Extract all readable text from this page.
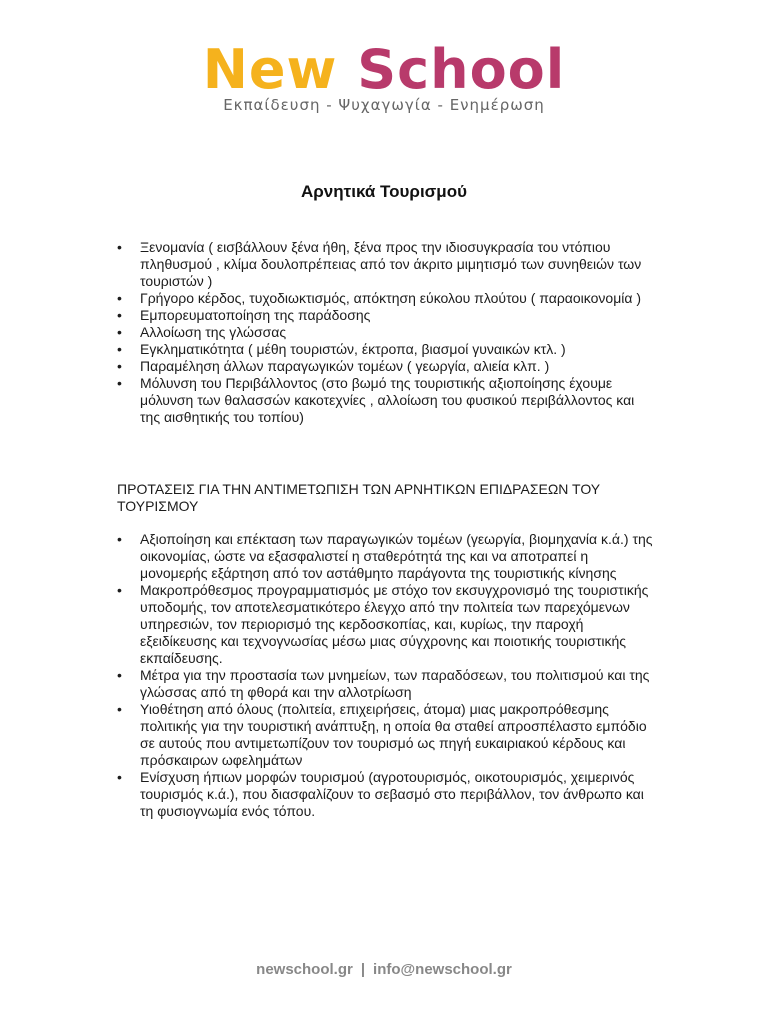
New School
Εκπαίδευση - Ψυχαγωγία - Ενημέρωση
Αρνητικά Τουρισμού
• Ξενομανία ( εισβάλλουν ξένα ήθη, ξένα προς την ιδιοσυγκρασία του ντόπιου πληθυσμού , κλίμα δουλοπρέπειας από τον άκριτο μιμητισμό των συνηθειών των τουριστών )
• Γρήγορο κέρδος, τυχοδιωκτισμός, απόκτηση εύκολου πλούτου ( παραοικονομία )
• Εμπορευματοποίηση της παράδοσης
• Αλλοίωση της γλώσσας
• Εγκληματικότητα ( μέθη τουριστών, έκτροπα, βιασμοί γυναικών κτλ. )
• Παραμέληση άλλων παραγωγικών τομέων ( γεωργία, αλιεία κλπ. )
• Μόλυνση του Περιβάλλοντος (στο βωμό της τουριστικής αξιοποίησης έχουμε μόλυνση των θαλασσών κακοτεχνίες , αλλοίωση του φυσικού περιβάλλοντος και της αισθητικής του τοπίου)
ΠΡΟΤΑΣΕΙΣ ΓΙΑ ΤΗΝ ΑΝΤΙΜΕΤΩΠΙΣΗ ΤΩΝ ΑΡΝΗΤΙΚΩΝ ΕΠΙΔΡΑΣΕΩΝ ΤΟΥ ΤΟΥΡΙΣΜΟΥ
• Αξιοποίηση και επέκταση των παραγωγικών τομέων (γεωργία, βιομηχανία κ.ά.) της οικονομίας, ώστε να εξασφαλιστεί η σταθερότητά της και να αποτραπεί η μονομερής εξάρτηση από τον αστάθμητο παράγοντα της τουριστικής κίνησης
• Μακροπρόθεσμος προγραμματισμός με στόχο τον εκσυγχρονισμό της τουριστικής υποδομής, τον αποτελεσματικότερο έλεγχο από την πολιτεία των παρεχόμενων υπηρεσιών, τον περιορισμό της κερδοσκοπίας, και, κυρίως, την παροχή εξειδίκευσης και τεχνογνωσίας μέσω μιας σύγχρονης και ποιοτικής τουριστικής εκπαίδευσης.
• Μέτρα για την προστασία των μνημείων, των παραδόσεων, του πολιτισμού και της γλώσσας από τη φθορά και την αλλοτρίωση
• Υιοθέτηση από όλους (πολιτεία, επιχειρήσεις, άτομα) μιας μακροπρόθεσμης πολιτικής για την τουριστική ανάπτυξη, η οποία θα σταθεί απροσπέλαστο εμπόδιο σε αυτούς που αντιμετωπίζουν τον τουρισμό ως πηγή ευκαιριακού κέρδους και πρόσκαιρων ωφελημάτων
• Ενίσχυση ήπιων μορφών τουρισμού (αγροτουρισμός, οικοτουρισμός, χειμερινός τουρισμός κ.ά.), που διασφαλίζουν το σεβασμό στο περιβάλλον, τον άνθρωπο και τη φυσιογνωμία ενός τόπου.
newschool.gr | info@newschool.gr
